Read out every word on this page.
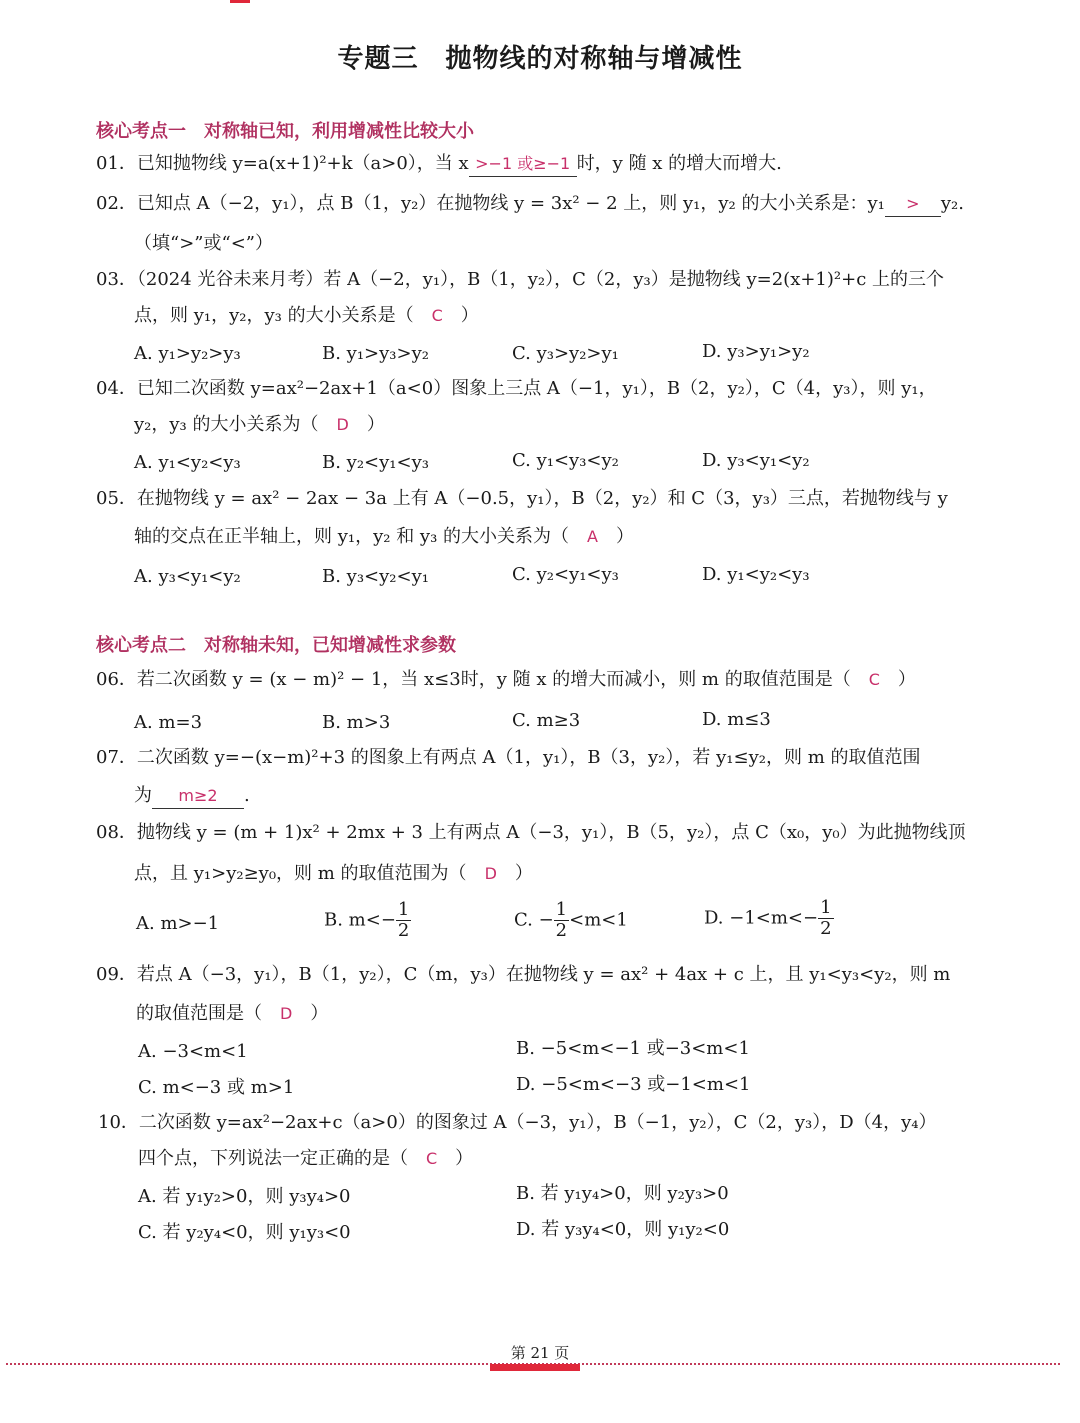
专题三　抛物线的对称轴与增减性
核心考点一　对称轴已知，利用增减性比较大小
01．已知抛物线 y=a(x+1)²+k（a>0），当 x >−1 或≥−1 时，y 随 x 的增大而增大.
02．已知点 A（−2，y₁），点 B（1，y₂）在抛物线 y = 3x² − 2 上，则 y₁，y₂ 的大小关系是：y₁ > y₂.
（填“>”或“<”）
03．（2024 光谷未来月考）若 A（−2，y₁），B（1，y₂），C（2，y₃）是抛物线 y=2(x+1)²+c 上的三个
点，则 y₁，y₂，y₃ 的大小关系是（ C ）
A. y₁>y₂>y₃	B. y₁>y₃>y₂	C. y₃>y₂>y₁	D. y₃>y₁>y₂
04．已知二次函数 y=ax²−2ax+1（a<0）图象上三点 A（−1，y₁），B（2，y₂），C（4，y₃），则 y₁，
y₂，y₃ 的大小关系为（ D ）
A. y₁<y₂<y₃	B. y₂<y₁<y₃	C. y₁<y₃<y₂	D. y₃<y₁<y₂
05．在抛物线 y = ax² − 2ax − 3a 上有 A（−0.5，y₁），B（2，y₂）和 C（3，y₃）三点，若抛物线与 y
轴的交点在正半轴上，则 y₁，y₂ 和 y₃ 的大小关系为（ A ）
A. y₃<y₁<y₂	B. y₃<y₂<y₁	C. y₂<y₁<y₃	D. y₁<y₂<y₃
核心考点二　对称轴未知，已知增减性求参数
06．若二次函数 y = (x − m)² − 1，当 x≤3时，y 随 x 的增大而减小，则 m 的取值范围是（ C ）
A. m=3	B. m>3	C. m≥3	D. m≤3
07．二次函数 y=−(x−m)²+3 的图象上有两点 A（1，y₁），B（3，y₂），若 y₁≤y₂，则 m 的取值范围
为 m≥2 .
08．抛物线 y = (m + 1)x² + 2mx + 3 上有两点 A（−3，y₁），B（5，y₂），点 C（x₀，y₀）为此抛物线顶
点，且 y₁>y₂≥y₀，则 m 的取值范围为（ D ）
A. m>−1	B. $m<- \frac{1}{2}$	C. − $\frac{1}{2} <m<1$	D. $-1<m<- \frac{1}{2}$
09．若点 A（−3，y₁），B（1，y₂），C（m，y₃）在抛物线 y = ax² + 4ax + c 上，且 y₁<y₃<y₂，则 m
的取值范围是（ D ）
A. −3<m<1	B. −5<m<−1 或−3<m<1
C. m<−3 或 m>1	D. −5<m<−3 或−1<m<1
10．二次函数 y=ax²−2ax+c（a>0）的图象过 A（−3，y₁），B（−1，y₂），C（2，y₃），D（4，y₄）
四个点，下列说法一定正确的是（ C ）
A. 若 y₁y₂>0，则 y₃y₄>0	B. 若 y₁y₄>0，则 y₂y₃>0
C. 若 y₂y₄<0，则 y₁y₃<0	D. 若 y₃y₄<0，则 y₁y₂<0
第 21 页
